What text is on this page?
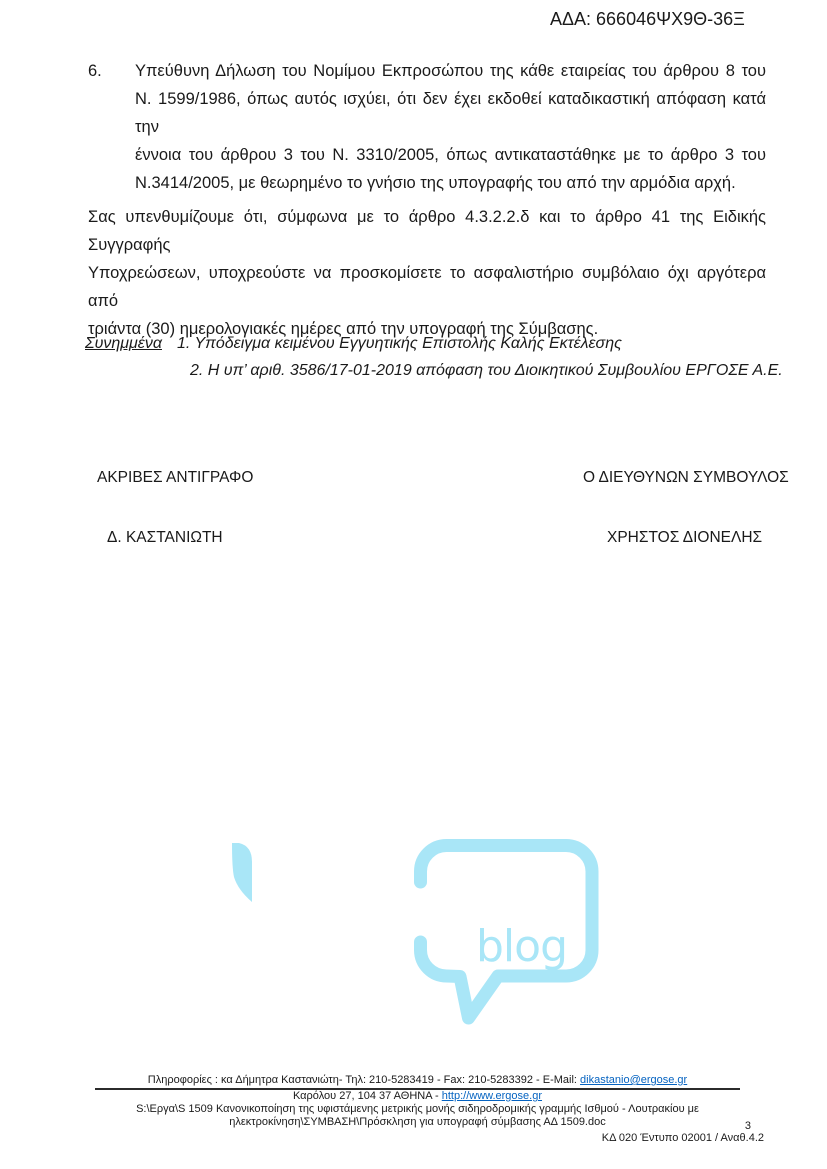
ΑΔΑ: 666046ΨΧ9Θ-36Ξ
6.	Υπεύθυνη Δήλωση του Νομίμου Εκπροσώπου της κάθε εταιρείας του άρθρου 8 του
Ν. 1599/1986, όπως αυτός ισχύει, ότι δεν έχει εκδοθεί καταδικαστική απόφαση κατά την
έννοια του άρθρου 3 του Ν. 3310/2005, όπως αντικαταστάθηκε με το άρθρο 3 του
Ν.3414/2005, με θεωρημένο το γνήσιο της υπογραφής του από την αρμόδια αρχή.
Σας υπενθυμίζουμε ότι, σύμφωνα με το άρθρο 4.3.2.2.δ και το άρθρο 41 της Ειδικής Συγγραφής
Υποχρεώσεων, υποχρεούστε να προσκομίσετε το ασφαλιστήριο συμβόλαιο όχι αργότερα από
τριάντα (30) ημερολογιακές ημέρες από την υπογραφή της Σύμβασης.
Συνημμένα 1. Υπόδειγμα κειμένου Εγγυητικής Επιστολής Καλής Εκτέλεσης
2. Η υπ’ αριθ. 3586/17-01-2019 απόφαση του Διοικητικού Συμβουλίου ΕΡΓΟΣΕ Α.Ε.
ΑΚΡΙΒΕΣ ΑΝΤΙΓΡΑΦΟ	Ο ΔΙΕΥΘΥΝΩΝ ΣΥΜΒΟΥΛΟΣ
Δ. ΚΑΣΤΑΝΙΩΤΗ	ΧΡΗΣΤΟΣ ΔΙΟΝΕΛΗΣ
blog
Πληροφορίες : κα Δήμητρα Καστανιώτη- Τηλ: 210-5283419 - Fax: 210-5283392 - E-Mail: dikastanio@ergose.gr
Καρόλου 27, 104 37 ΑΘΗΝΑ - http://www.ergose.gr
S:\Εργα\S 1509 Κανονικοποίηση της υφιστάμενης μετρικής μονής σιδηροδρομικής γραμμής Ισθμού - Λουτρακίου με
ηλεκτροκίνηση\ΣΥΜΒΑΣΗ\Πρόσκληση για υπογραφή σύμβασης ΑΔ 1509.doc	3
ΚΔ 020 Έντυπο 02001 / Αναθ.4.2
